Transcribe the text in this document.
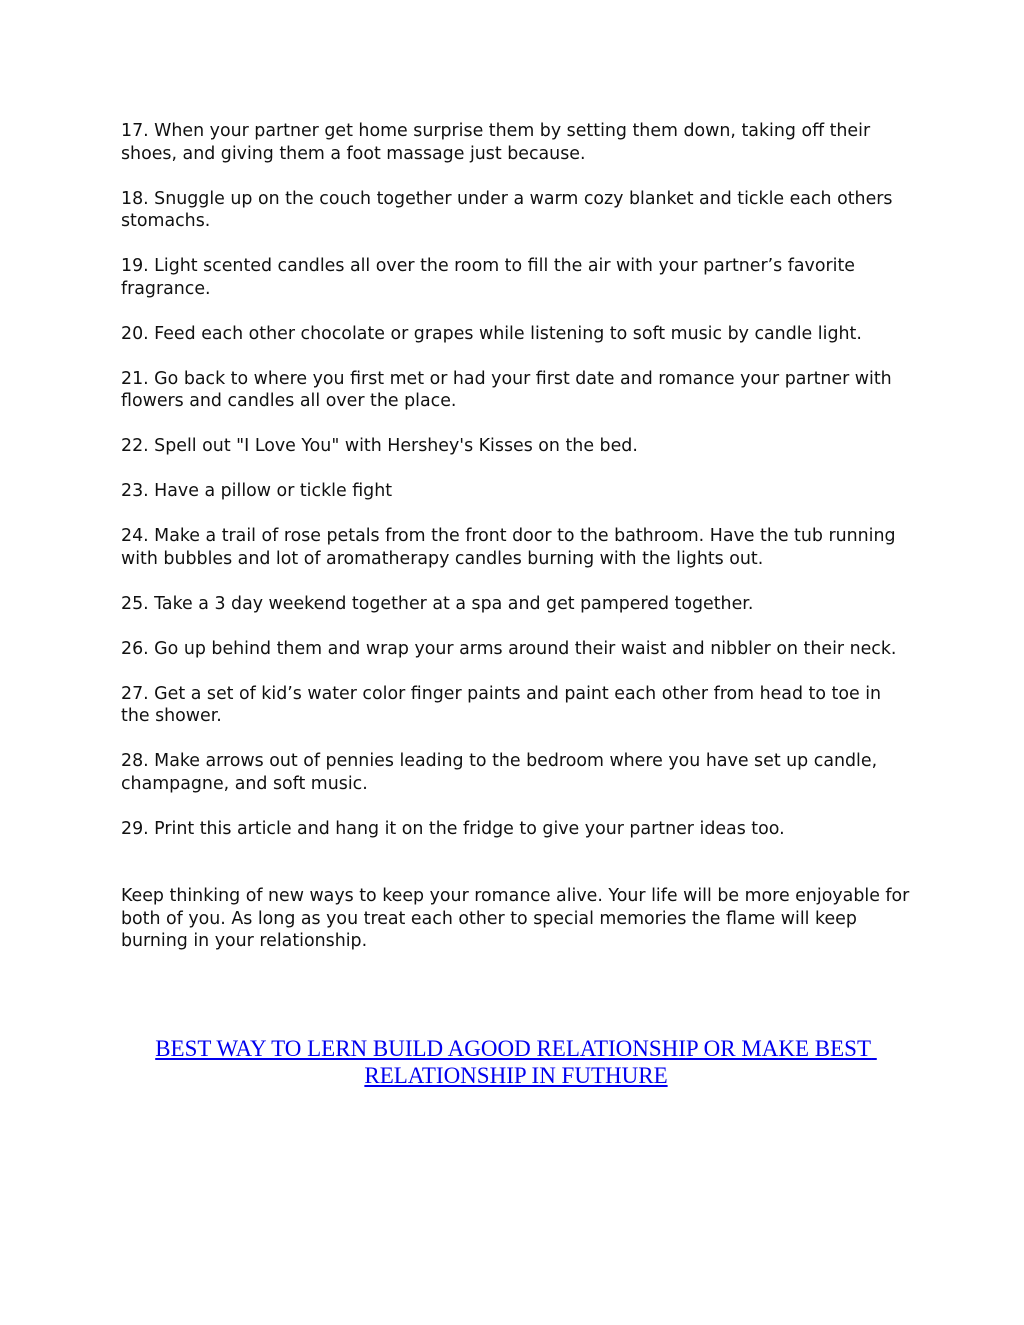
17. When your partner get home surprise them by setting them down, taking off their shoes, and giving them a foot massage just because.

18. Snuggle up on the couch together under a warm cozy blanket and tickle each others stomachs.

19. Light scented candles all over the room to fill the air with your partner’s favorite fragrance.

20. Feed each other chocolate or grapes while listening to soft music by candle light.

21. Go back to where you first met or had your first date and romance your partner with flowers and candles all over the place.

22. Spell out "I Love You" with Hershey's Kisses on the bed.

23. Have a pillow or tickle fight

24. Make a trail of rose petals from the front door to the bathroom. Have the tub running with bubbles and lot of aromatherapy candles burning with the lights out.

25. Take a 3 day weekend together at a spa and get pampered together.

26. Go up behind them and wrap your arms around their waist and nibbler on their neck.

27. Get a set of kid’s water color finger paints and paint each other from head to toe in the shower.

28. Make arrows out of pennies leading to the bedroom where you have set up candle, champagne, and soft music.

29. Print this article and hang it on the fridge to give your partner ideas too.

Keep thinking of new ways to keep your romance alive. Your life will be more enjoyable for both of you. As long as you treat each other to special memories the flame will keep burning in your relationship.

BEST WAY TO LERN BUILD AGOOD RELATIONSHIP OR MAKE BEST
RELATIONSHIP IN FUTHURE
